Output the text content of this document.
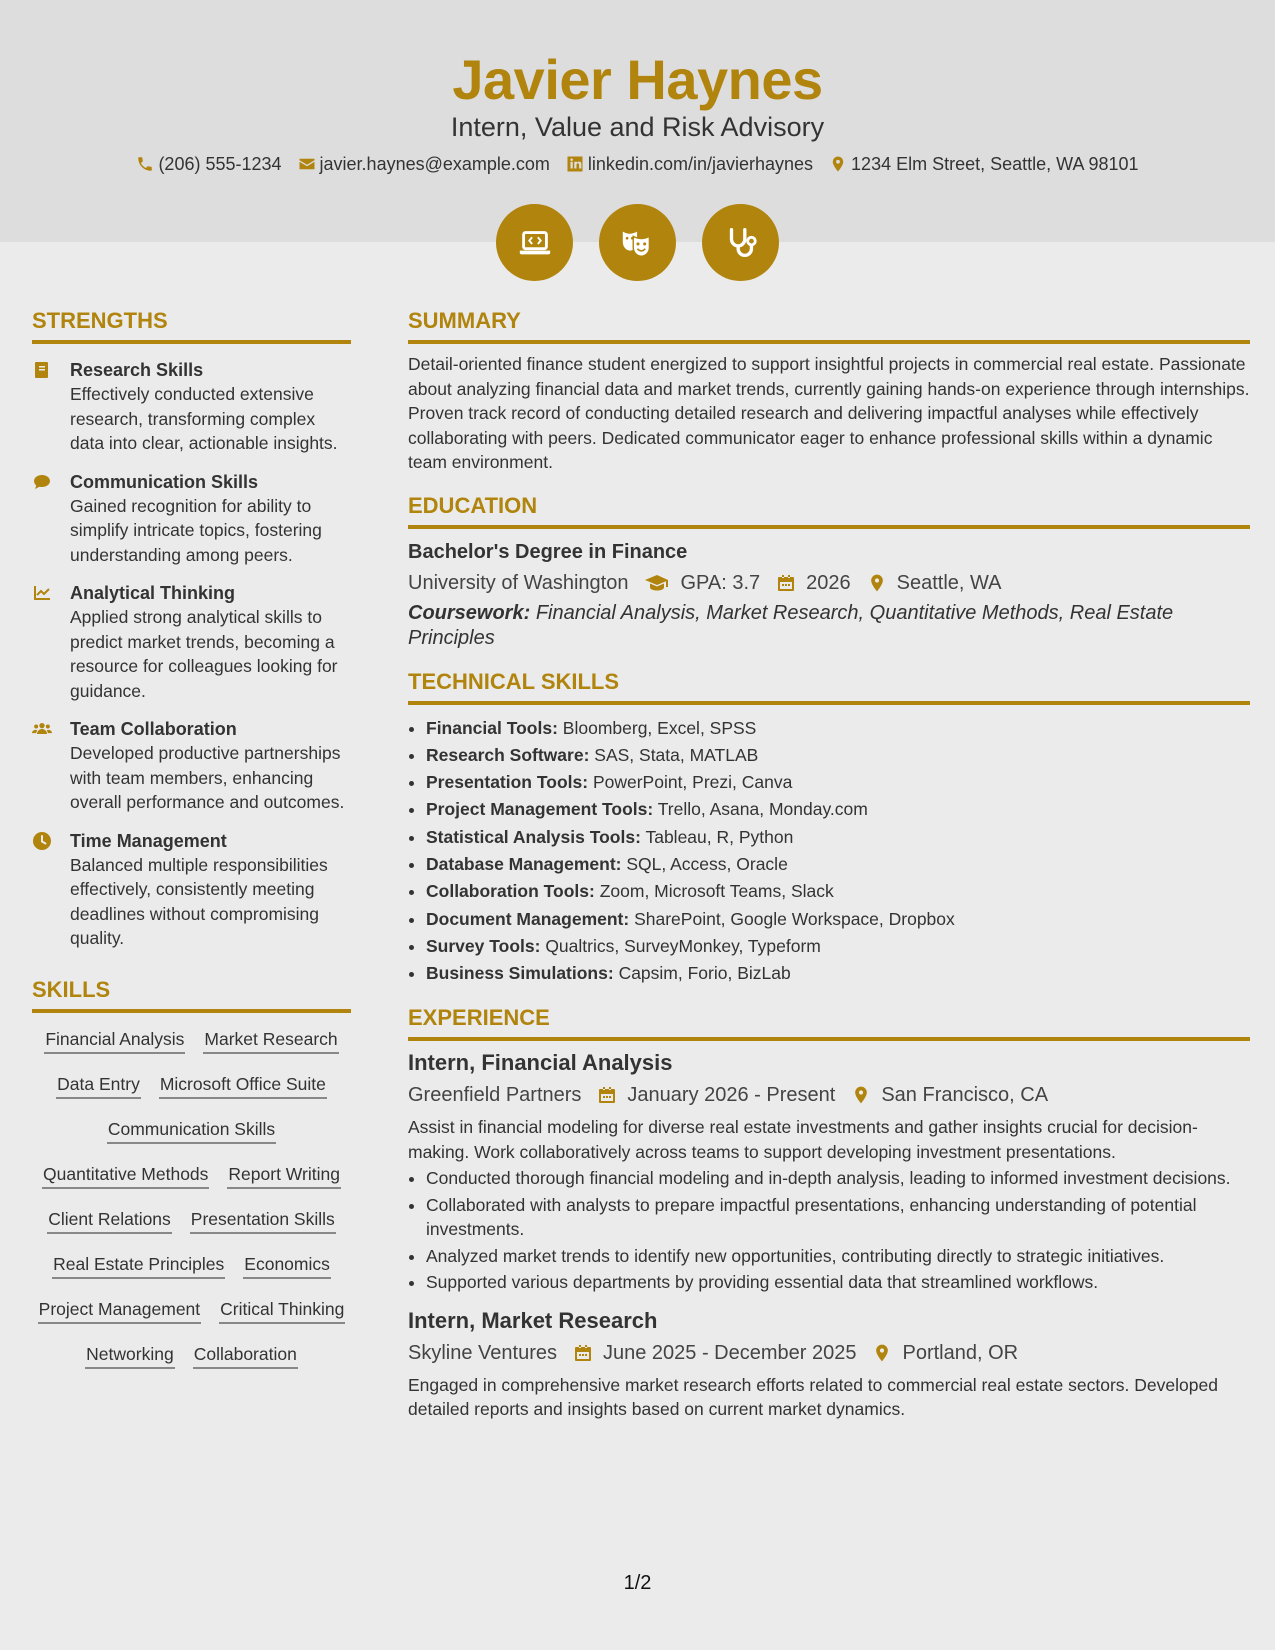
Javier Haynes
Intern, Value and Risk Advisory
(206) 555-1234 javier.haynes@example.com linkedin.com/in/javierhaynes 1234 Elm Street, Seattle, WA 98101
STRENGTHS
Research Skills

Effectively conducted extensive research, transforming complex data into clear, actionable insights.

Communication Skills

Gained recognition for ability to simplify intricate topics, fostering understanding among peers.

Analytical Thinking

Applied strong analytical skills to predict market trends, becoming a resource for colleagues looking for guidance.

Team Collaboration

Developed productive partnerships with team members, enhancing overall performance and outcomes.

Time Management

Balanced multiple responsibilities effectively, consistently meeting deadlines without compromising quality.

SKILLS
Financial Analysis Market Research
Data Entry Microsoft Office Suite
Communication Skills
Quantitative Methods Report Writing
Client Relations Presentation Skills
Real Estate Principles Economics
Project Management Critical Thinking
Networking Collaboration
SUMMARY

Detail-oriented finance student energized to support insightful projects in commercial real estate. Passionate about analyzing financial data and market trends, currently gaining hands-on experience through internships. Proven track record of conducting detailed research and delivering impactful analyses while effectively collaborating with peers. Dedicated communicator eager to enhance professional skills within a dynamic team environment.

EDUCATION
Bachelor's Degree in Finance
University of Washington	GPA: 3.7 2026 Seattle, WA
Coursework: Financial Analysis, Market Research, Quantitative Methods, Real Estate Principles
TECHNICAL SKILLS
• Financial Tools: Bloomberg, Excel, SPSS
• Research Software: SAS, Stata, MATLAB
• Presentation Tools: PowerPoint, Prezi, Canva
• Project Management Tools: Trello, Asana, Monday.com
• Statistical Analysis Tools: Tableau, R, Python
• Database Management: SQL, Access, Oracle
• Collaboration Tools: Zoom, Microsoft Teams, Slack
• Document Management: SharePoint, Google Workspace, Dropbox
• Survey Tools: Qualtrics, SurveyMonkey, Typeform
• Business Simulations: Capsim, Forio, BizLab
EXPERIENCE
Intern, Financial Analysis
Greenfield Partners January 2026 - Present San Francisco, CA

Assist in financial modeling for diverse real estate investments and gather insights crucial for decision-making. Work collaboratively across teams to support developing investment presentations.

• Conducted thorough financial modeling and in-depth analysis, leading to informed investment decisions.
• Collaborated with analysts to prepare impactful presentations, enhancing understanding of potential investments.
• Analyzed market trends to identify new opportunities, contributing directly to strategic initiatives.
• Supported various departments by providing essential data that streamlined workflows.
Intern, Market Research
Skyline Ventures June 2025 - December 2025 Portland, OR

Engaged in comprehensive market research efforts related to commercial real estate sectors. Developed detailed reports and insights based on current market dynamics.

1/2
